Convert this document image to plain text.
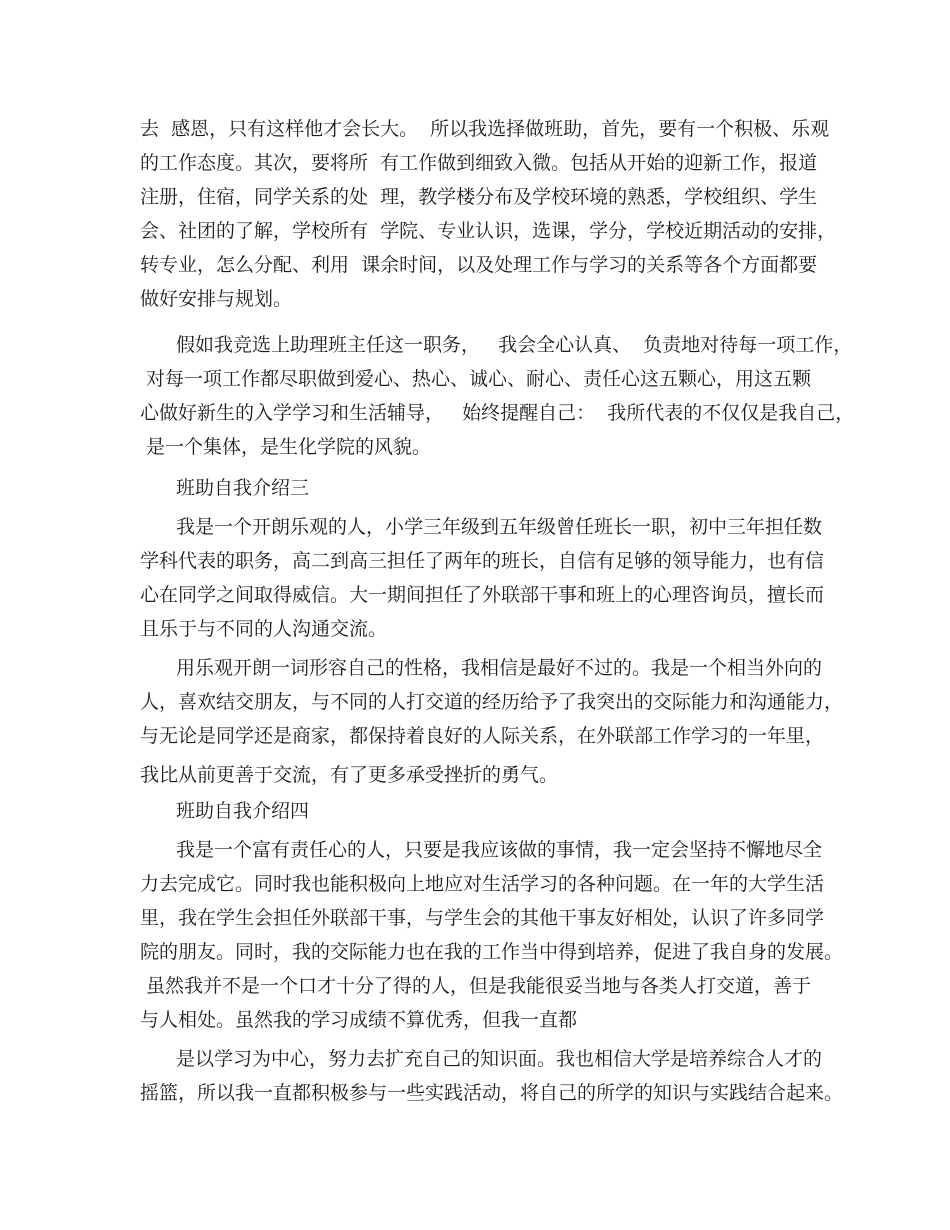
去  感恩，只有这样他才会长大。  所以我选择做班助，首先，要有一个积极、乐观
的工作态度。其次，要将所  有工作做到细致入微。包括从开始的迎新工作，报道
注册，住宿，同学关系的处  理，教学楼分布及学校环境的熟悉，学校组织、学生
会、社团的了解，学校所有  学院、专业认识，选课，学分，学校近期活动的安排，
转专业，怎么分配、利用  课余时间，以及处理工作与学习的关系等各个方面都要
做好安排与规划。
假如我竞选上助理班主任这一职务，   我会全心认真、  负责地对待每一项工作，
对每一项工作都尽职做到爱心、热心、诚心、耐心、责任心这五颗心，用这五颗
心做好新生的入学学习和生活辅导，   始终提醒自己：  我所代表的不仅仅是我自己，
是一个集体，是生化学院的风貌。
班助自我介绍三
我是一个开朗乐观的人，小学三年级到五年级曾任班长一职，初中三年担任数
学科代表的职务，高二到高三担任了两年的班长，自信有足够的领导能力，也有信
心在同学之间取得威信。大一期间担任了外联部干事和班上的心理咨询员，擅长而
且乐于与不同的人沟通交流。
用乐观开朗一词形容自己的性格，我相信是最好不过的。我是一个相当外向的
人，喜欢结交朋友，与不同的人打交道的经历给予了我突出的交际能力和沟通能力，
与无论是同学还是商家，都保持着良好的人际关系，在外联部工作学习的一年里，
我比从前更善于交流，有了更多承受挫折的勇气。
班助自我介绍四
我是一个富有责任心的人，只要是我应该做的事情，我一定会坚持不懈地尽全
力去完成它。同时我也能积极向上地应对生活学习的各种问题。在一年的大学生活
里，我在学生会担任外联部干事，与学生会的其他干事友好相处，认识了许多同学
院的朋友。同时，我的交际能力也在我的工作当中得到培养，促进了我自身的发展。
虽然我并不是一个口才十分了得的人，但是我能很妥当地与各类人打交道，善于
与人相处。虽然我的学习成绩不算优秀，但我一直都
是以学习为中心，努力去扩充自己的知识面。我也相信大学是培养综合人才的
摇篮，所以我一直都积极参与一些实践活动，将自己的所学的知识与实践结合起来。
